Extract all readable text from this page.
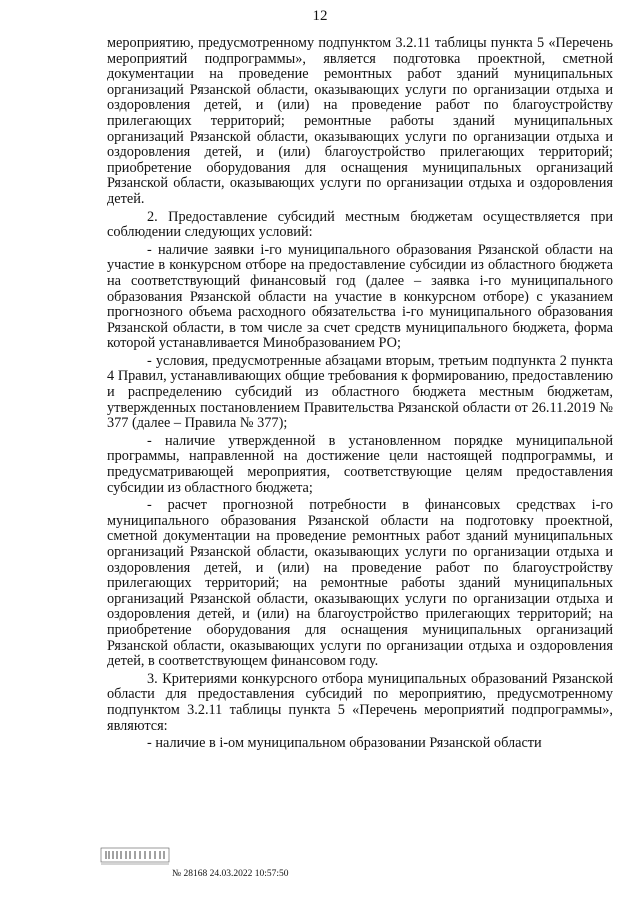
12

мероприятию, предусмотренному подпунктом 3.2.11 таблицы пункта 5 «Перечень мероприятий подпрограммы», является подготовка проектной, сметной документации на проведение ремонтных работ зданий муниципальных организаций Рязанской области, оказывающих услуги по организации отдыха и оздоровления детей, и (или) на проведение работ по благоустройству прилегающих территорий; ремонтные работы зданий муниципальных организаций Рязанской области, оказывающих услуги по организации отдыха и оздоровления детей, и (или) благоустройство прилегающих территорий; приобретение оборудования для оснащения муниципальных организаций Рязанской области, оказывающих услуги по организации отдыха и оздоровления детей.

2. Предоставление субсидий местным бюджетам осуществляется при соблюдении следующих условий:

- наличие заявки i-го муниципального образования Рязанской области на участие в конкурсном отборе на предоставление субсидии из областного бюджета на соответствующий финансовый год (далее – заявка i-го муниципального образования Рязанской области на участие в конкурсном отборе) с указанием прогнозного объема расходного обязательства i-го муниципального образования Рязанской области, в том числе за счет средств муниципального бюджета, форма которой устанавливается Минобразованием РО;

- условия, предусмотренные абзацами вторым, третьим подпункта 2 пункта 4 Правил, устанавливающих общие требования к формированию, предоставлению и распределению субсидий из областного бюджета местным бюджетам, утвержденных постановлением Правительства Рязанской области от 26.11.2019 № 377 (далее – Правила № 377);

- наличие утвержденной в установленном порядке муниципальной программы, направленной на достижение цели настоящей подпрограммы, и предусматривающей мероприятия, соответствующие целям предоставления субсидии из областного бюджета;

- расчет прогнозной потребности в финансовых средствах i-го муниципального образования Рязанской области на подготовку проектной, сметной документации на проведение ремонтных работ зданий муниципальных организаций Рязанской области, оказывающих услуги по организации отдыха и оздоровления детей, и (или) на проведение работ по благоустройству прилегающих территорий; на ремонтные работы зданий муниципальных организаций Рязанской области, оказывающих услуги по организации отдыха и оздоровления детей, и (или) на благоустройство прилегающих территорий; на приобретение оборудования для оснащения муниципальных организаций Рязанской области, оказывающих услуги по организации отдыха и оздоровления детей, в соответствующем финансовом году.

3. Критериями конкурсного отбора муниципальных образований Рязанской области для предоставления субсидий по мероприятию, предусмотренному подпунктом 3.2.11 таблицы пункта 5 «Перечень мероприятий подпрограммы», являются:

- наличие в i-ом муниципальном образовании Рязанской области

№ 28168 24.03.2022 10:57:50
